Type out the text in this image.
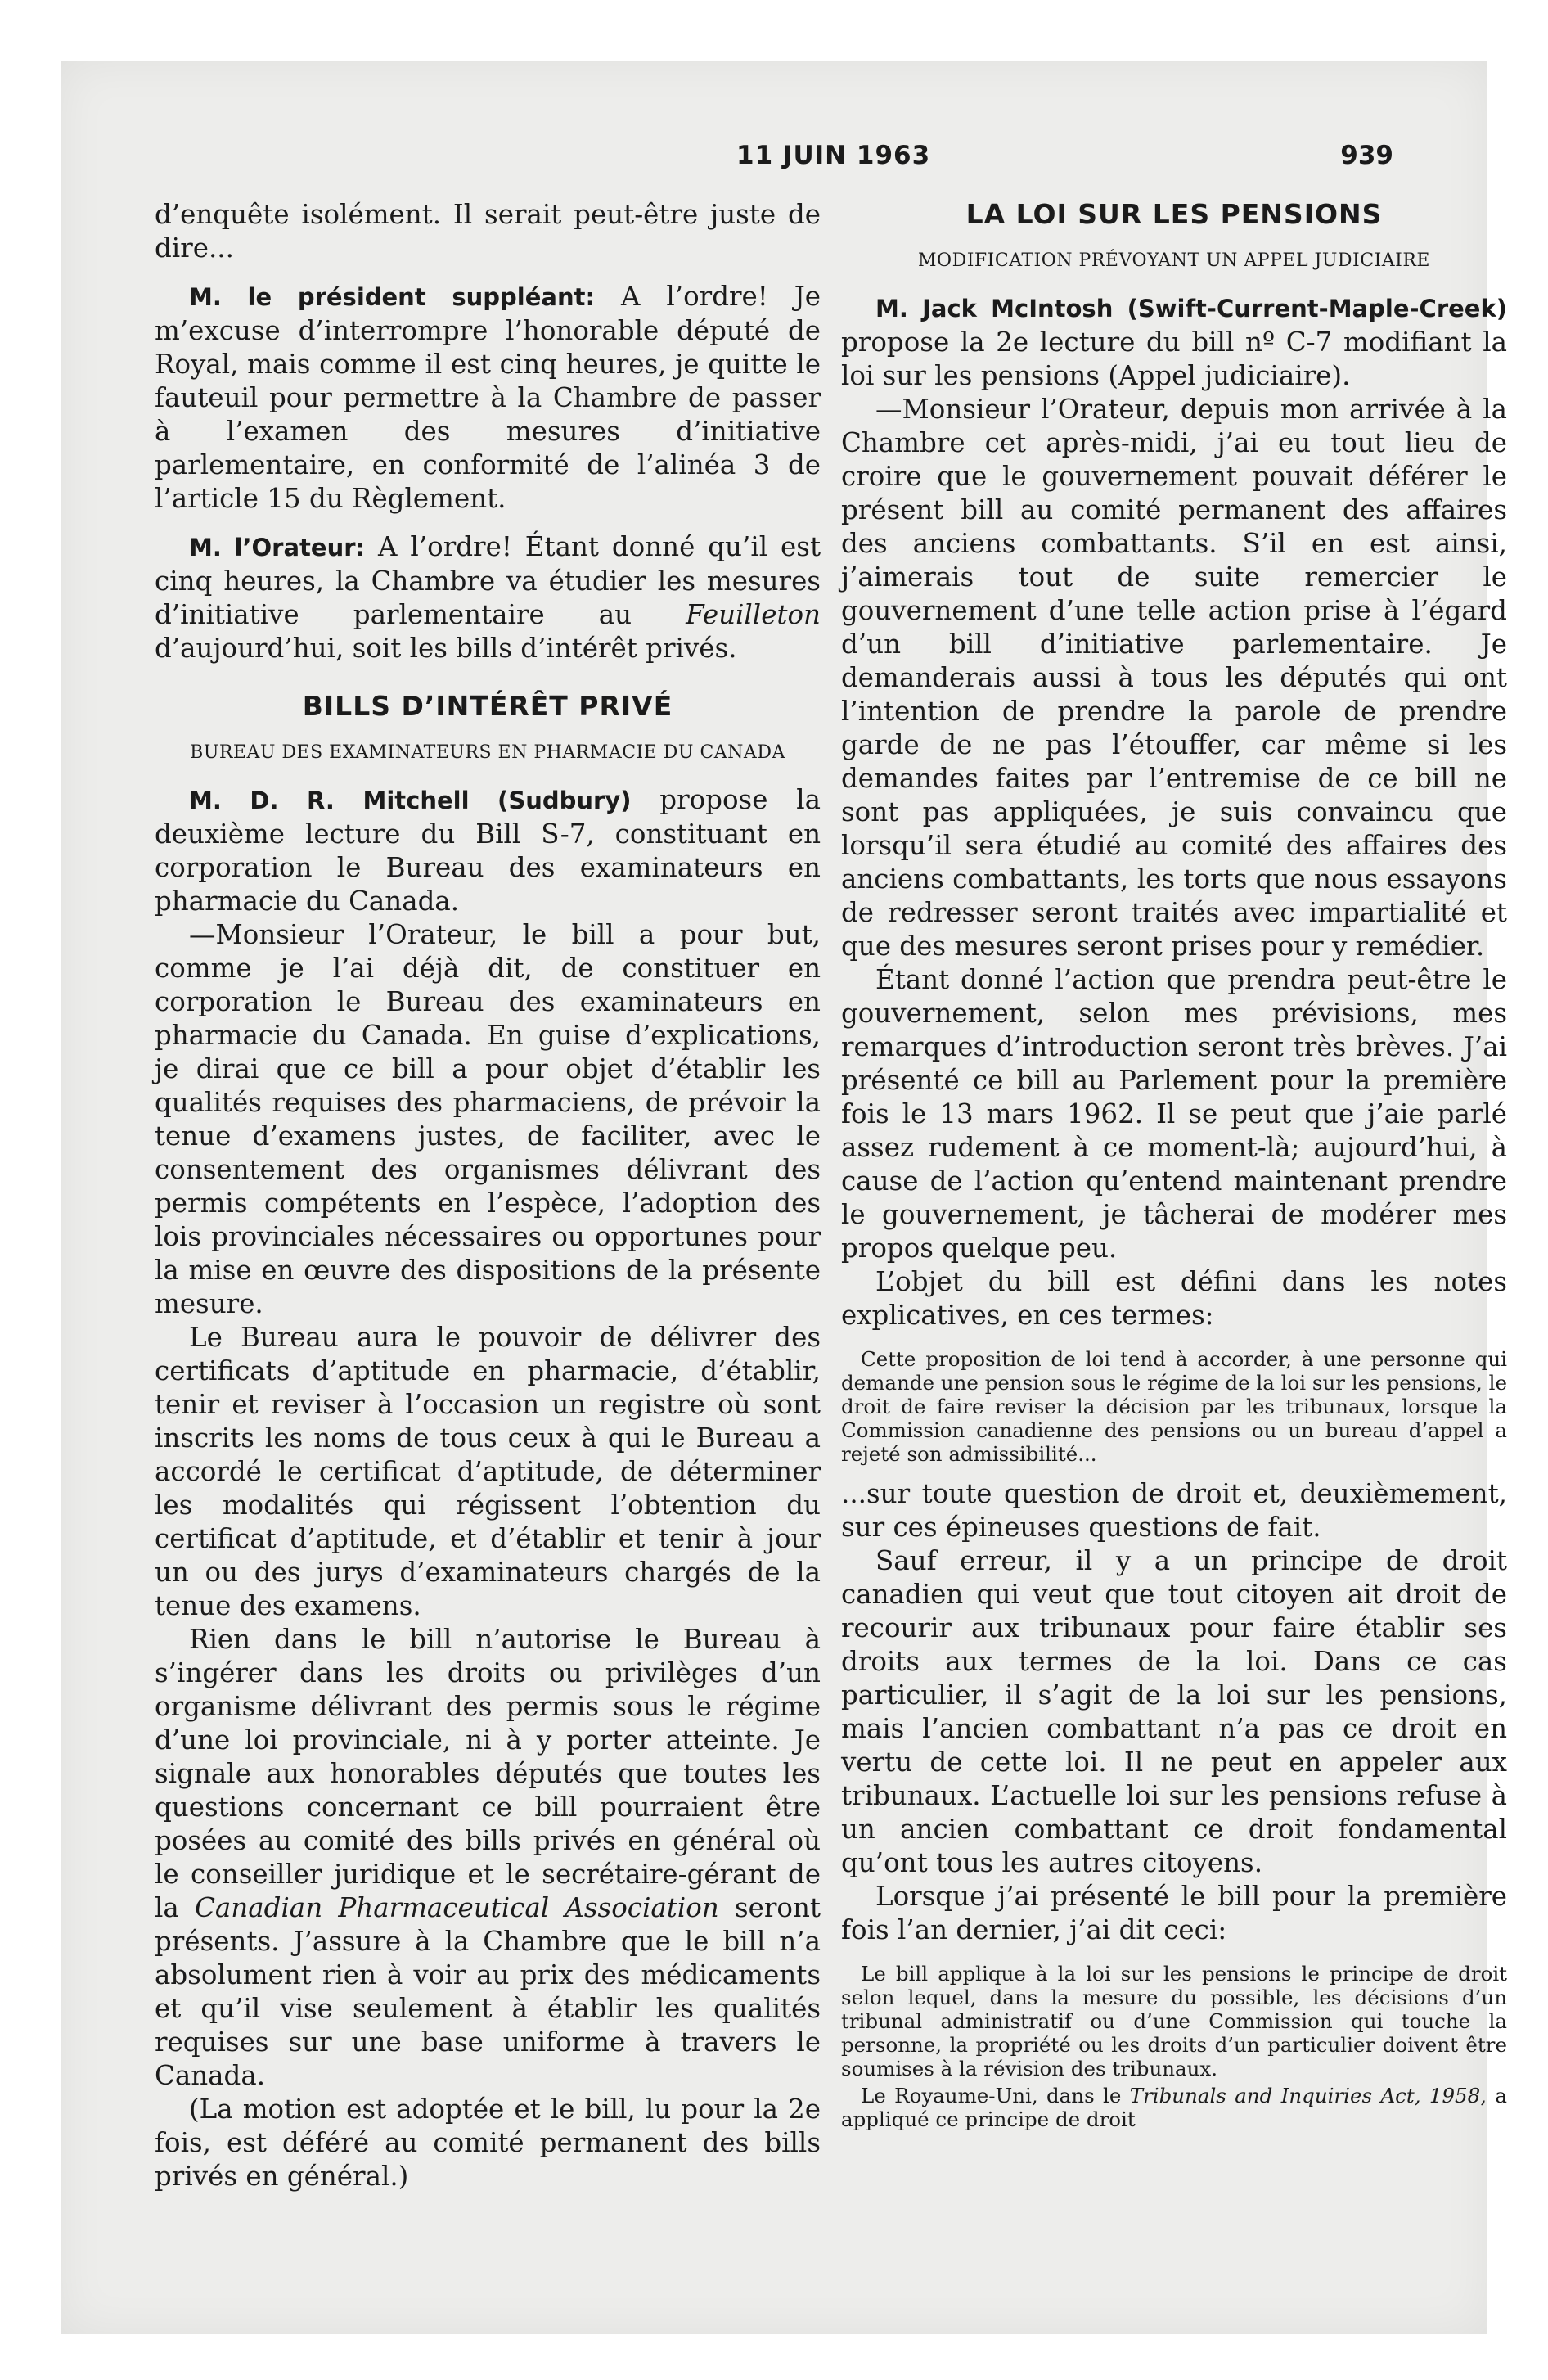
11 JUIN 1963	939

d’enquête isolément. Il serait peut-être juste de dire...

M. le président suppléant: A l’ordre! Je m’excuse d’interrompre l’honorable député de Royal, mais comme il est cinq heures, je quitte le fauteuil pour permettre à la Chambre de passer à l’examen des mesures d’initiative parlementaire, en conformité de l’alinéa 3 de l’article 15 du Règlement.

M. l’Orateur: A l’ordre! Étant donné qu’il est cinq heures, la Chambre va étudier les mesures d’initiative parlementaire au Feuilleton d’aujourd’hui, soit les bills d’intérêt privés.

BILLS D’INTÉRÊT PRIVÉ
BUREAU DES EXAMINATEURS EN PHARMACIE DU CANADA

M. D. R. Mitchell (Sudbury) propose la deuxième lecture du Bill S-7, constituant en corporation le Bureau des examinateurs en pharmacie du Canada.

—Monsieur l’Orateur, le bill a pour but, comme je l’ai déjà dit, de constituer en corporation le Bureau des examinateurs en pharmacie du Canada. En guise d’explications, je dirai que ce bill a pour objet d’établir les qualités requises des pharmaciens, de prévoir la tenue d’examens justes, de faciliter, avec le consentement des organismes délivrant des permis compétents en l’espèce, l’adoption des lois provinciales nécessaires ou opportunes pour la mise en œuvre des dispositions de la présente mesure.

Le Bureau aura le pouvoir de délivrer des certificats d’aptitude en pharmacie, d’établir, tenir et reviser à l’occasion un registre où sont inscrits les noms de tous ceux à qui le Bureau a accordé le certificat d’aptitude, de déterminer les modalités qui régissent l’obtention du certificat d’aptitude, et d’établir et tenir à jour un ou des jurys d’examinateurs chargés de la tenue des examens.

Rien dans le bill n’autorise le Bureau à s’ingérer dans les droits ou privilèges d’un organisme délivrant des permis sous le régime d’une loi provinciale, ni à y porter atteinte. Je signale aux honorables députés que toutes les questions concernant ce bill pourraient être posées au comité des bills privés en général où le conseiller juridique et le secrétaire-gérant de la Canadian Pharmaceutical Association seront présents. J’assure à la Chambre que le bill n’a absolument rien à voir au prix des médicaments et qu’il vise seulement à établir les qualités requises sur une base uniforme à travers le Canada.

(La motion est adoptée et le bill, lu pour la 2e fois, est déféré au comité permanent des bills privés en général.)

LA LOI SUR LES PENSIONS
MODIFICATION PRÉVOYANT UN APPEL JUDICIAIRE

M. Jack McIntosh (Swift-Current-Maple-Creek) propose la 2e lecture du bill nº C-7 modifiant la loi sur les pensions (Appel judiciaire).

—Monsieur l’Orateur, depuis mon arrivée à la Chambre cet après-midi, j’ai eu tout lieu de croire que le gouvernement pouvait déférer le présent bill au comité permanent des affaires des anciens combattants. S’il en est ainsi, j’aimerais tout de suite remercier le gouvernement d’une telle action prise à l’égard d’un bill d’initiative parlementaire. Je demanderais aussi à tous les députés qui ont l’intention de prendre la parole de prendre garde de ne pas l’étouffer, car même si les demandes faites par l’entremise de ce bill ne sont pas appliquées, je suis convaincu que lorsqu’il sera étudié au comité des affaires des anciens combattants, les torts que nous essayons de redresser seront traités avec impartialité et que des mesures seront prises pour y remédier.

Étant donné l’action que prendra peut-être le gouvernement, selon mes prévisions, mes remarques d’introduction seront très brèves. J’ai présenté ce bill au Parlement pour la première fois le 13 mars 1962. Il se peut que j’aie parlé assez rudement à ce moment-là; aujourd’hui, à cause de l’action qu’entend maintenant prendre le gouvernement, je tâcherai de modérer mes propos quelque peu.

L’objet du bill est défini dans les notes explicatives, en ces termes:

Cette proposition de loi tend à accorder, à une personne qui demande une pension sous le régime de la loi sur les pensions, le droit de faire reviser la décision par les tribunaux, lorsque la Commission canadienne des pensions ou un bureau d’appel a rejeté son admissibilité...

...sur toute question de droit et, deuxièmement, sur ces épineuses questions de fait.

Sauf erreur, il y a un principe de droit canadien qui veut que tout citoyen ait droit de recourir aux tribunaux pour faire établir ses droits aux termes de la loi. Dans ce cas particulier, il s’agit de la loi sur les pensions, mais l’ancien combattant n’a pas ce droit en vertu de cette loi. Il ne peut en appeler aux tribunaux. L’actuelle loi sur les pensions refuse à un ancien combattant ce droit fondamental qu’ont tous les autres citoyens.

Lorsque j’ai présenté le bill pour la première fois l’an dernier, j’ai dit ceci:

Le bill applique à la loi sur les pensions le principe de droit selon lequel, dans la mesure du possible, les décisions d’un tribunal administratif ou d’une Commission qui touche la personne, la propriété ou les droits d’un particulier doivent être soumises à la révision des tribunaux.
Le Royaume-Uni, dans le Tribunals and Inquiries Act, 1958, a appliqué ce principe de droit
